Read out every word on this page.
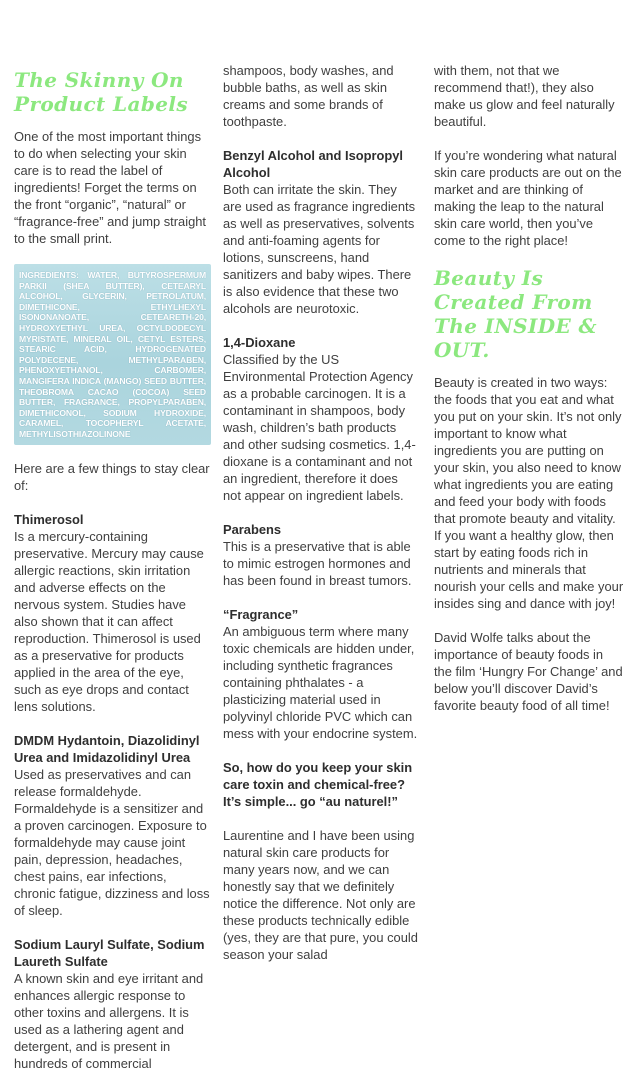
The Skinny On Product Labels

One of the most important things to do when selecting your skin care is to read the label of ingredients! Forget the terms on the front “organic”, “natural” or “fragrance-free” and jump straight to the small print.

INGREDIENTS: WATER, BUTYROSPERMUM PARKII (SHEA BUTTER), CETEARYL ALCOHOL, GLYCERIN, PETROLATUM, DIMETHICONE, ETHYLHEXYL ISONONANOATE, CETEARETH-20, HYDROXYETHYL UREA, OCTYLDODECYL MYRISTATE, MINERAL OIL, CETYL ESTERS, STEARIC ACID, HYDROGENATED POLYDECENE, METHYLPARABEN, PHENOXYETHANOL, CARBOMER, MANGIFERA INDICA (MANGO) SEED BUTTER, THEOBROMA CACAO (COCOA) SEED BUTTER, FRAGRANCE, PROPYLPARABEN, DIMETHICONOL, SODIUM HYDROXIDE, CARAMEL, TOCOPHERYL ACETATE, METHYLISOTHIAZOLINONE

Here are a few things to stay clear of:

Thimerosol

Is a mercury-containing preservative. Mercury may cause allergic reactions, skin irritation and adverse effects on the nervous system. Studies have also shown that it can affect reproduction. Thimerosol is used as a preservative for products applied in the area of the eye, such as eye drops and contact lens solutions.

DMDM Hydantoin, Diazolidinyl Urea and Imidazolidinyl Urea

Used as preservatives and can release formaldehyde. Formaldehyde is a sensitizer and a proven carcinogen. Exposure to formaldehyde may cause joint pain, depression, headaches, chest pains, ear infections, chronic fatigue, dizziness and loss of sleep.

Sodium Lauryl Sulfate, Sodium Laureth Sulfate

A known skin and eye irritant and enhances allergic response to other toxins and allergens. It is used as a lathering agent and detergent, and is present in hundreds of commercial

shampoos, body washes, and bubble baths, as well as skin creams and some brands of toothpaste.

Benzyl Alcohol and Isopropyl Alcohol

Both can irritate the skin. They are used as fragrance ingredients as well as preservatives, solvents and anti-foaming agents for lotions, sunscreens, hand sanitizers and baby wipes. There is also evidence that these two alcohols are neurotoxic.

1,4-Dioxane

Classified by the US Environmental Protection Agency as a probable carcinogen. It is a contaminant in shampoos, body wash, children’s bath products and other sudsing cosmetics. 1,4-dioxane is a contaminant and not an ingredient, therefore it does not appear on ingredient labels.

Parabens

This is a preservative that is able to mimic estrogen hormones and has been found in breast tumors.

“Fragrance”

An ambiguous term where many toxic chemicals are hidden under, including synthetic fragrances containing phthalates - a plasticizing material used in polyvinyl chloride PVC which can mess with your endocrine system.

So, how do you keep your skin care toxin and chemical-free?
It’s simple... go “au naturel!”

Laurentine and I have been using natural skin care products for many years now, and we can honestly say that we definitely notice the difference. Not only are these products technically edible (yes, they are that pure, you could season your salad

with them, not that we recommend that!), they also make us glow and feel naturally beautiful.

If you’re wondering what natural skin care products are out on the market and are thinking of making the leap to the natural skin care world, then you’ve come to the right place!

Beauty Is Created From The INSIDE & OUT.

Beauty is created in two ways: the foods that you eat and what you put on your skin. It’s not only important to know what ingredients you are putting on your skin, you also need to know what ingredients you are eating and feed your body with foods that promote beauty and vitality. If you want a healthy glow, then start by eating foods rich in nutrients and minerals that nourish your cells and make your insides sing and dance with joy!

David Wolfe talks about the importance of beauty foods in the film ‘Hungry For Change’ and below you’ll discover David’s favorite beauty food of all time!
